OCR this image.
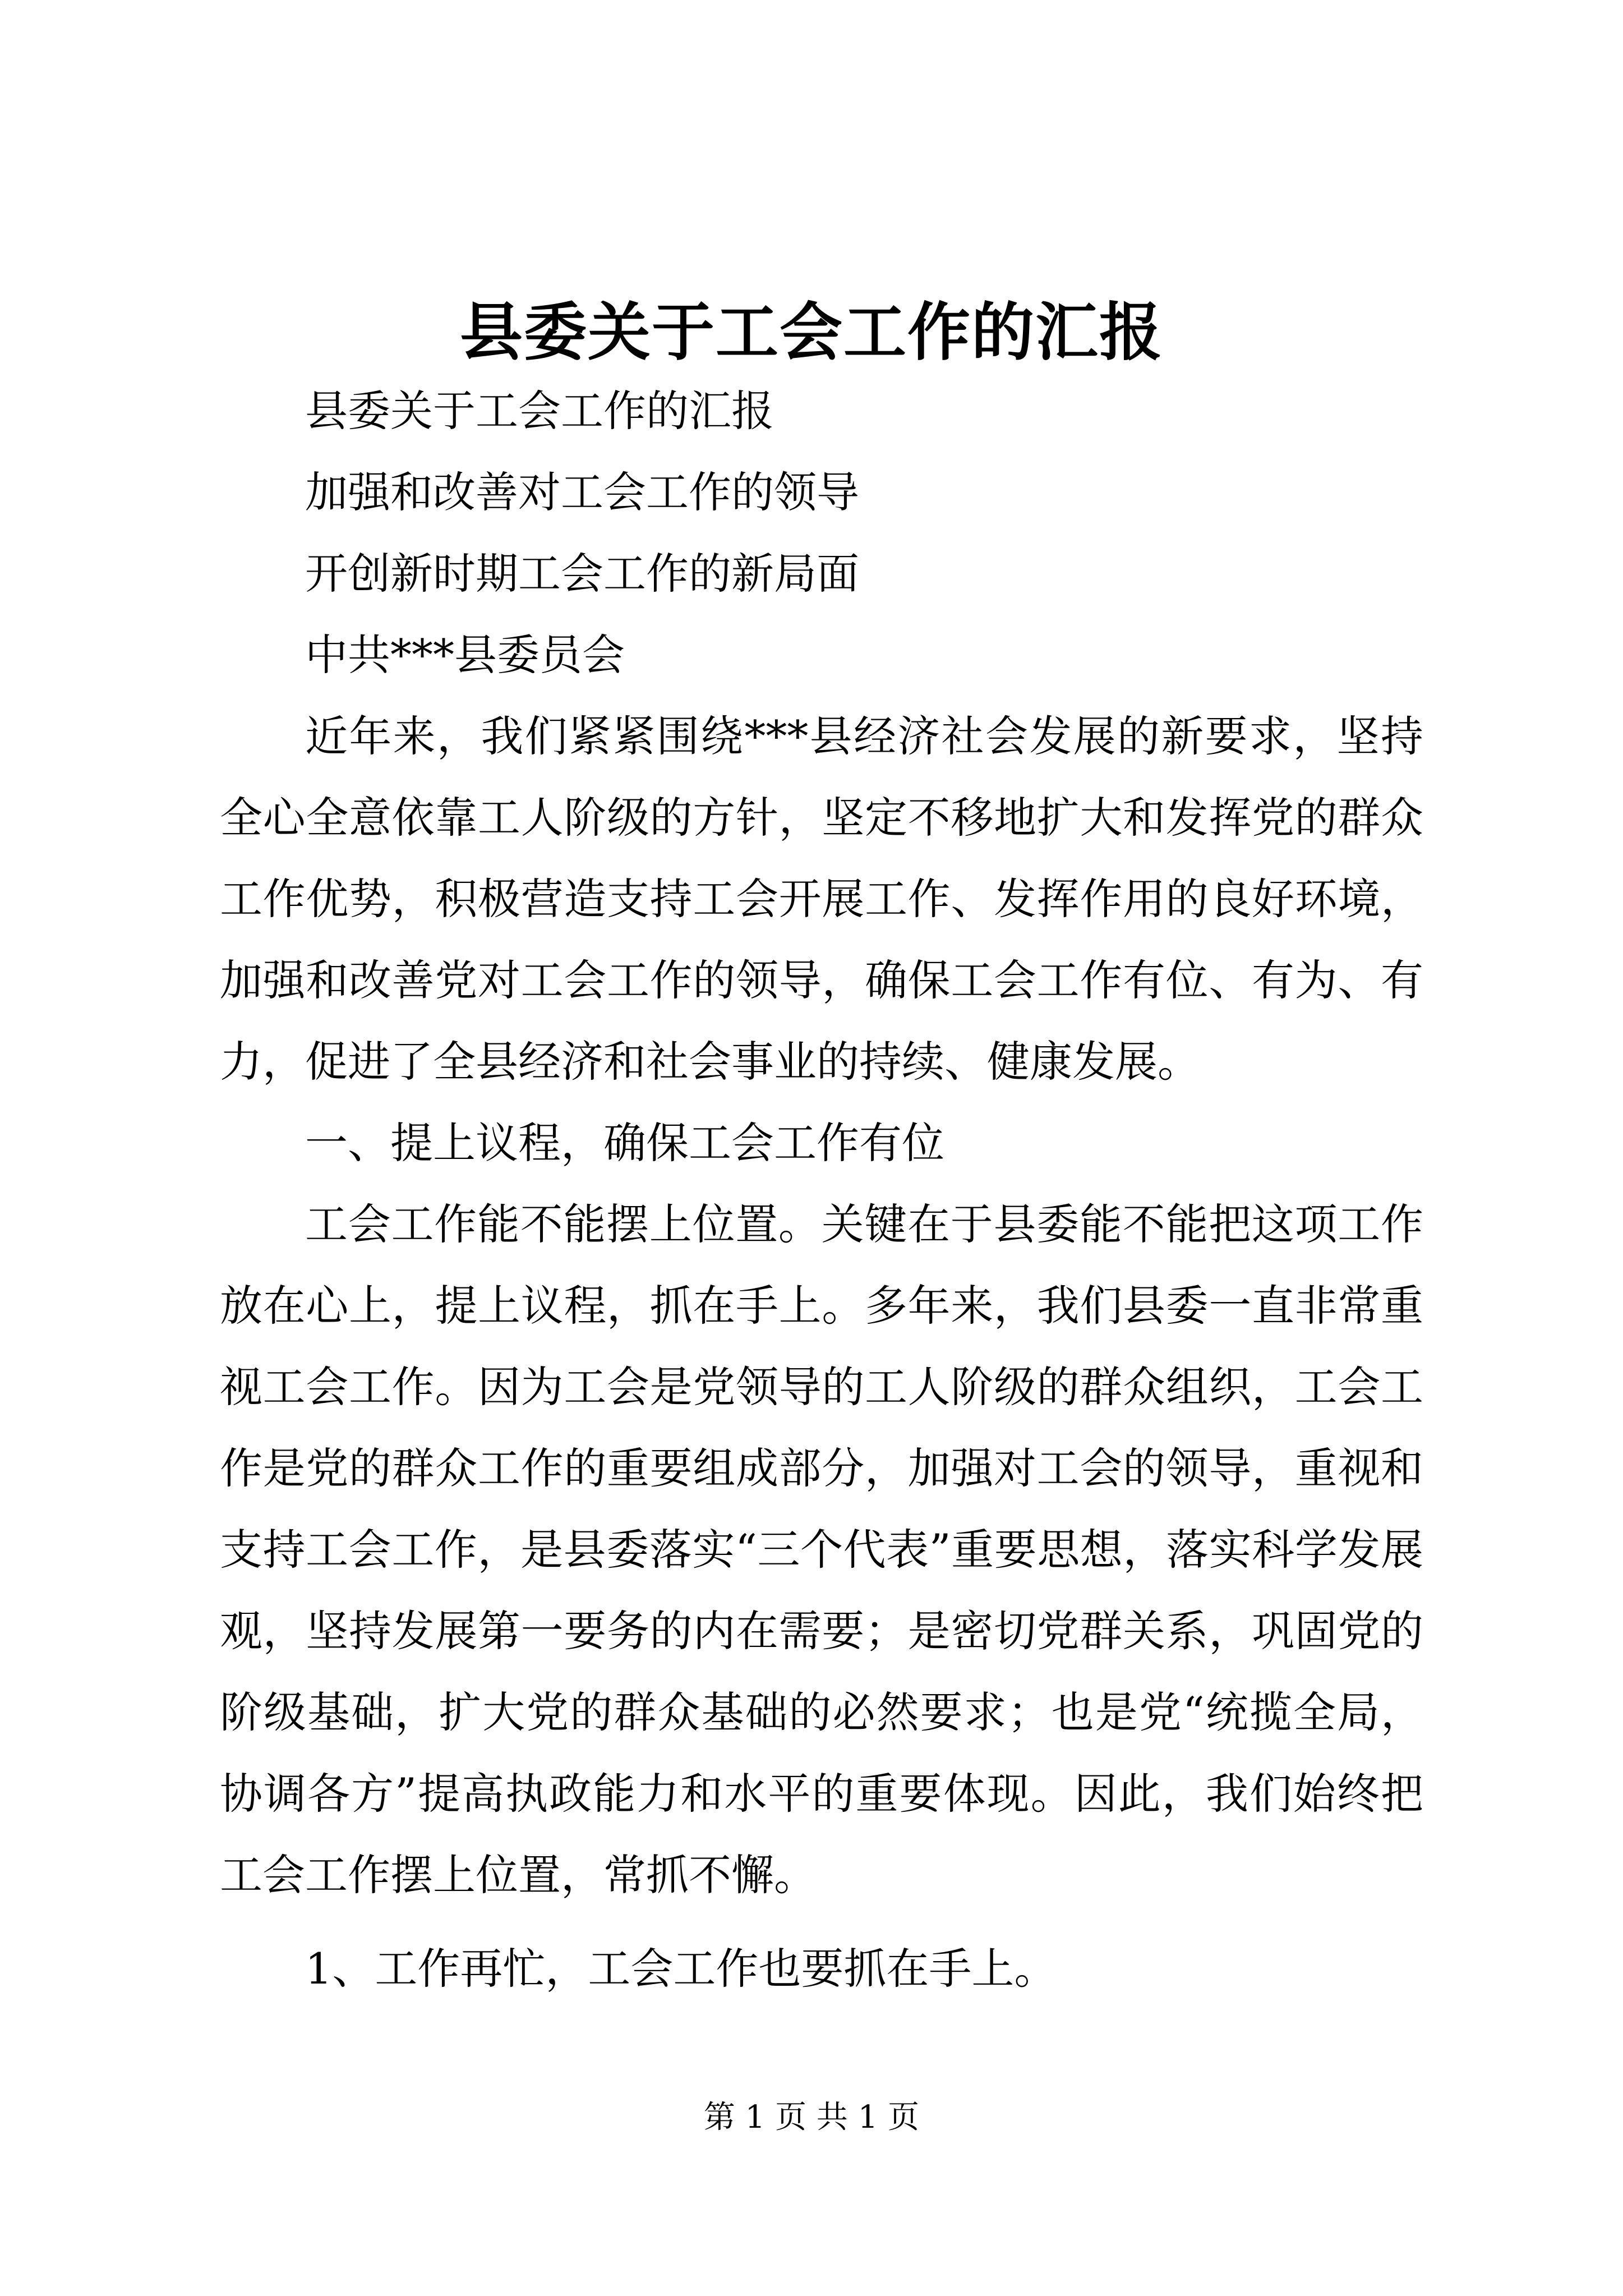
县委关于工会工作的汇报
县委关于工会工作的汇报
加强和改善对工会工作的领导
开创新时期工会工作的新局面
中共***县委员会

近年来，我们紧紧围绕***县经济社会发展的新要求，坚持全心全意依靠工人阶级的方针，坚定不移地扩大和发挥党的群众工作优势，积极营造支持工会开展工作、发挥作用的良好环境，加强和改善党对工会工作的领导，确保工会工作有位、有为、有力，促进了全县经济和社会事业的持续、健康发展。

一、提上议程，确保工会工作有位

工会工作能不能摆上位置。关键在于县委能不能把这项工作放在心上，提上议程，抓在手上。多年来，我们县委一直非常重视工会工作。因为工会是党领导的工人阶级的群众组织，工会工作是党的群众工作的重要组成部分，加强对工会的领导，重视和支持工会工作，是县委落实“三个代表”重要思想，落实科学发展观，坚持发展第一要务的内在需要；是密切党群关系，巩固党的阶级基础，扩大党的群众基础的必然要求；也是党“统揽全局，协调各方”提高执政能力和水平的重要体现。因此，我们始终把工会工作摆上位置，常抓不懈。

1、工作再忙，工会工作也要抓在手上。
第 1 页 共 1 页
